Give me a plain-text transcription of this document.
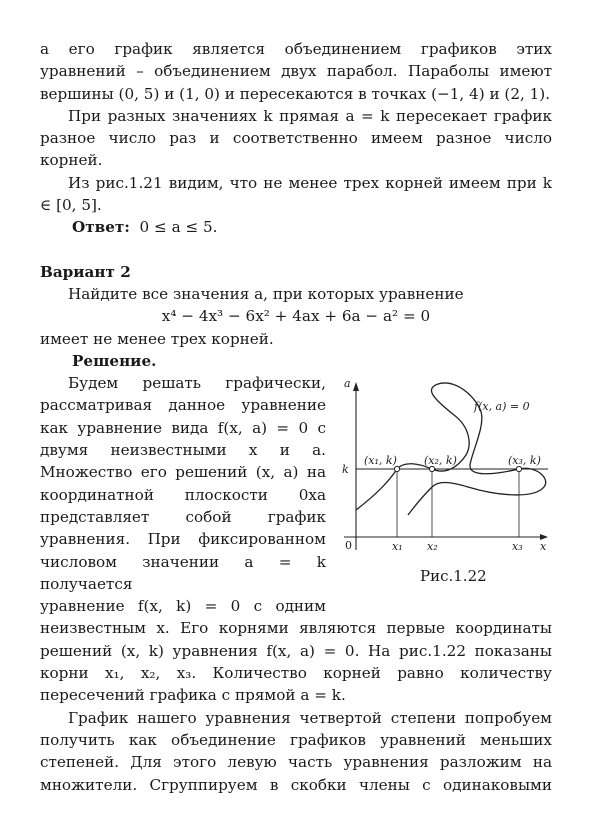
а его график является объединением графиков этих уравнений – объединением двух парабол. Параболы имеют вершины (0, 5) и (1, 0) и пересекаются в точках (−1, 4) и (2, 1).

При разных значениях k прямая a = k пересекает график разное число раз и соответственно имеем разное число корней.

Из рис.1.21 видим, что не менее трех корней имеем при k ∈ [0, 5].

Ответ: 0 ≤ a ≤ 5.

Вариант 2

Найдите все значения a, при которых уравнение

x⁴ − 4x³ − 6x² + 4ax + 6a − a² = 0

имеет не менее трех корней.

Решение.

a
x
0
k
f(x, a) = 0
(x₁, k) (x₂, k)	(x₃, k)
x₁ x₂	x₃
Рис.1.22

Будем решать графически, рассматривая данное уравнение как уравнение вида f(x, a) = 0 с двумя неизвестными x и a. Множество его решений (x, a) на координатной плоскости 0xa представляет собой график уравнения. При фиксированном числовом значении a = k получается

уравнение f(x, k) = 0 с одним неизвестным x. Его корнями являются первые координаты решений (x, k) уравнения f(x, a) = 0. На рис.1.22 показаны корни x₁, x₂, x₃. Количество корней равно количеству пересечений графика с прямой a = k.

График нашего уравнения четвертой степени попробуем получить как объединение графиков уравнений меньших степеней. Для этого левую часть уравнения разложим на множители. Сгруппируем в скобки члены с одинаковыми
